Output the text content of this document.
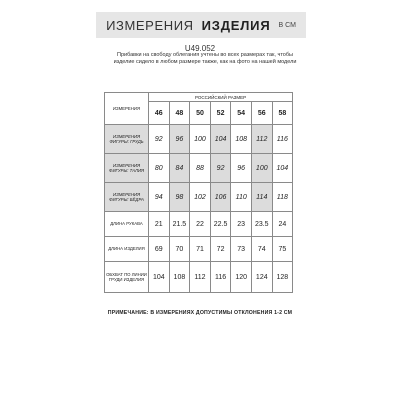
ИЗМЕРЕНИЯ ИЗДЕЛИЯ В СМ
U49.052
Прибавки на свободу облегания учтены во всех размерах так, чтобы изделие сидело в любом размере также, как на фото на нашей модели
ИЗМЕРЕНИЯ	РОССИЙСКИЙ РАЗМЕР						
	46	48	50	52	54	56	58
ИЗМЕРЕНИЯ ФИГУРЫ: ГРУДЬ	92	96	100	104	108	112	116
ИЗМЕРЕНИЯ ФИГУРЫ: ТАЛИЯ	80	84	88	92	96	100	104
ИЗМЕРЕНИЯ ФИГУРЫ: БЁДРА	94	98	102	106	110	114	118
ДЛИНА РУКАВА	21	21.5	22	22.5	23	23.5	24
ДЛИНА ИЗДЕЛИЯ	69	70	71	72	73	74	75
ОБХВАТ ПО ЛИНИИ ГРУДИ ИЗДЕЛИЯ	104	108	112	116	120	124	128
ПРИМЕЧАНИЕ: В ИЗМЕРЕНИЯХ ДОПУСТИМЫ ОТКЛОНЕНИЯ 1-2 СМ
